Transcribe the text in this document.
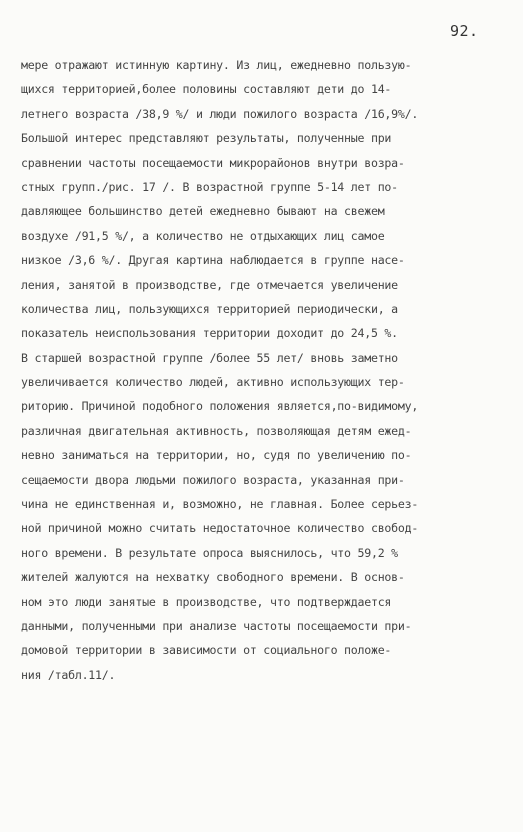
92.
мере отражают истинную картину. Из лиц, ежедневно пользую-
щихся территорией,более половины составляют дети до 14-
летнего возраста /38,9 %/ и люди пожилого возраста /16,9%/.
Большой интерес представляют результаты, полученные при
сравнении частоты посещаемости микрорайонов внутри возра-
стных групп./рис. 17 /. В возрастной группе 5-14 лет по-
давляющее большинство детей ежедневно бывают на свежем
воздухе /91,5 %/, а количество не отдыхающих лиц самое
низкое /3,6 %/. Другая картина наблюдается в группе насе-
ления, занятой в производстве, где отмечается увеличение
количества лиц, пользующихся территорией периодически, а
показатель неиспользования территории доходит до 24,5 %.
В старшей возрастной группе /более 55 лет/ вновь заметно
увеличивается количество людей, активно использующих тер-
риторию. Причиной подобного положения является,по-видимому,
различная двигательная активность, позволяющая детям ежед-
невно заниматься на территории, но, судя по увеличению по-
сещаемости двора людьми пожилого возраста, указанная при-
чина не единственная и, возможно, не главная. Более серьез-
ной причиной можно считать недостаточное количество свобод-
ного времени. В результате опроса выяснилось, что 59,2 %
жителей жалуются на нехватку свободного времени. В основ-
ном это люди занятые в производстве, что подтверждается
данными, полученными при анализе частоты посещаемости при-
домовой территории в зависимости от социального положе-
ния /табл.11/.
